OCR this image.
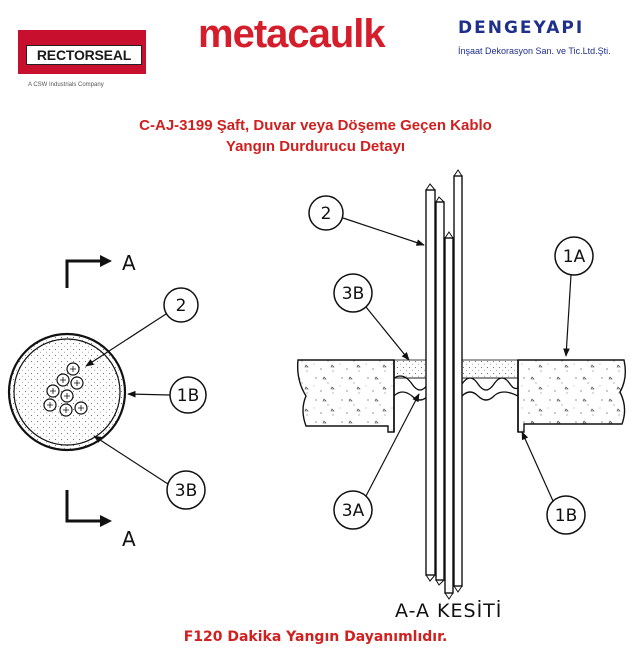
RECTORSEAL
A CSW Industrials Company
metacaulk	DENGEYAPI
İnşaat Dekorasyon San. ve Tic.Ltd.Şti.
C-AJ-3199 Şaft, Duvar veya Döşeme Geçen Kablo
Yangın Durdurucu Detayı
A
2
1B
3B
A
2
1A
3B
3A	1B
A-A KESİTİ
F120 Dakika Yangın Dayanımlıdır.
